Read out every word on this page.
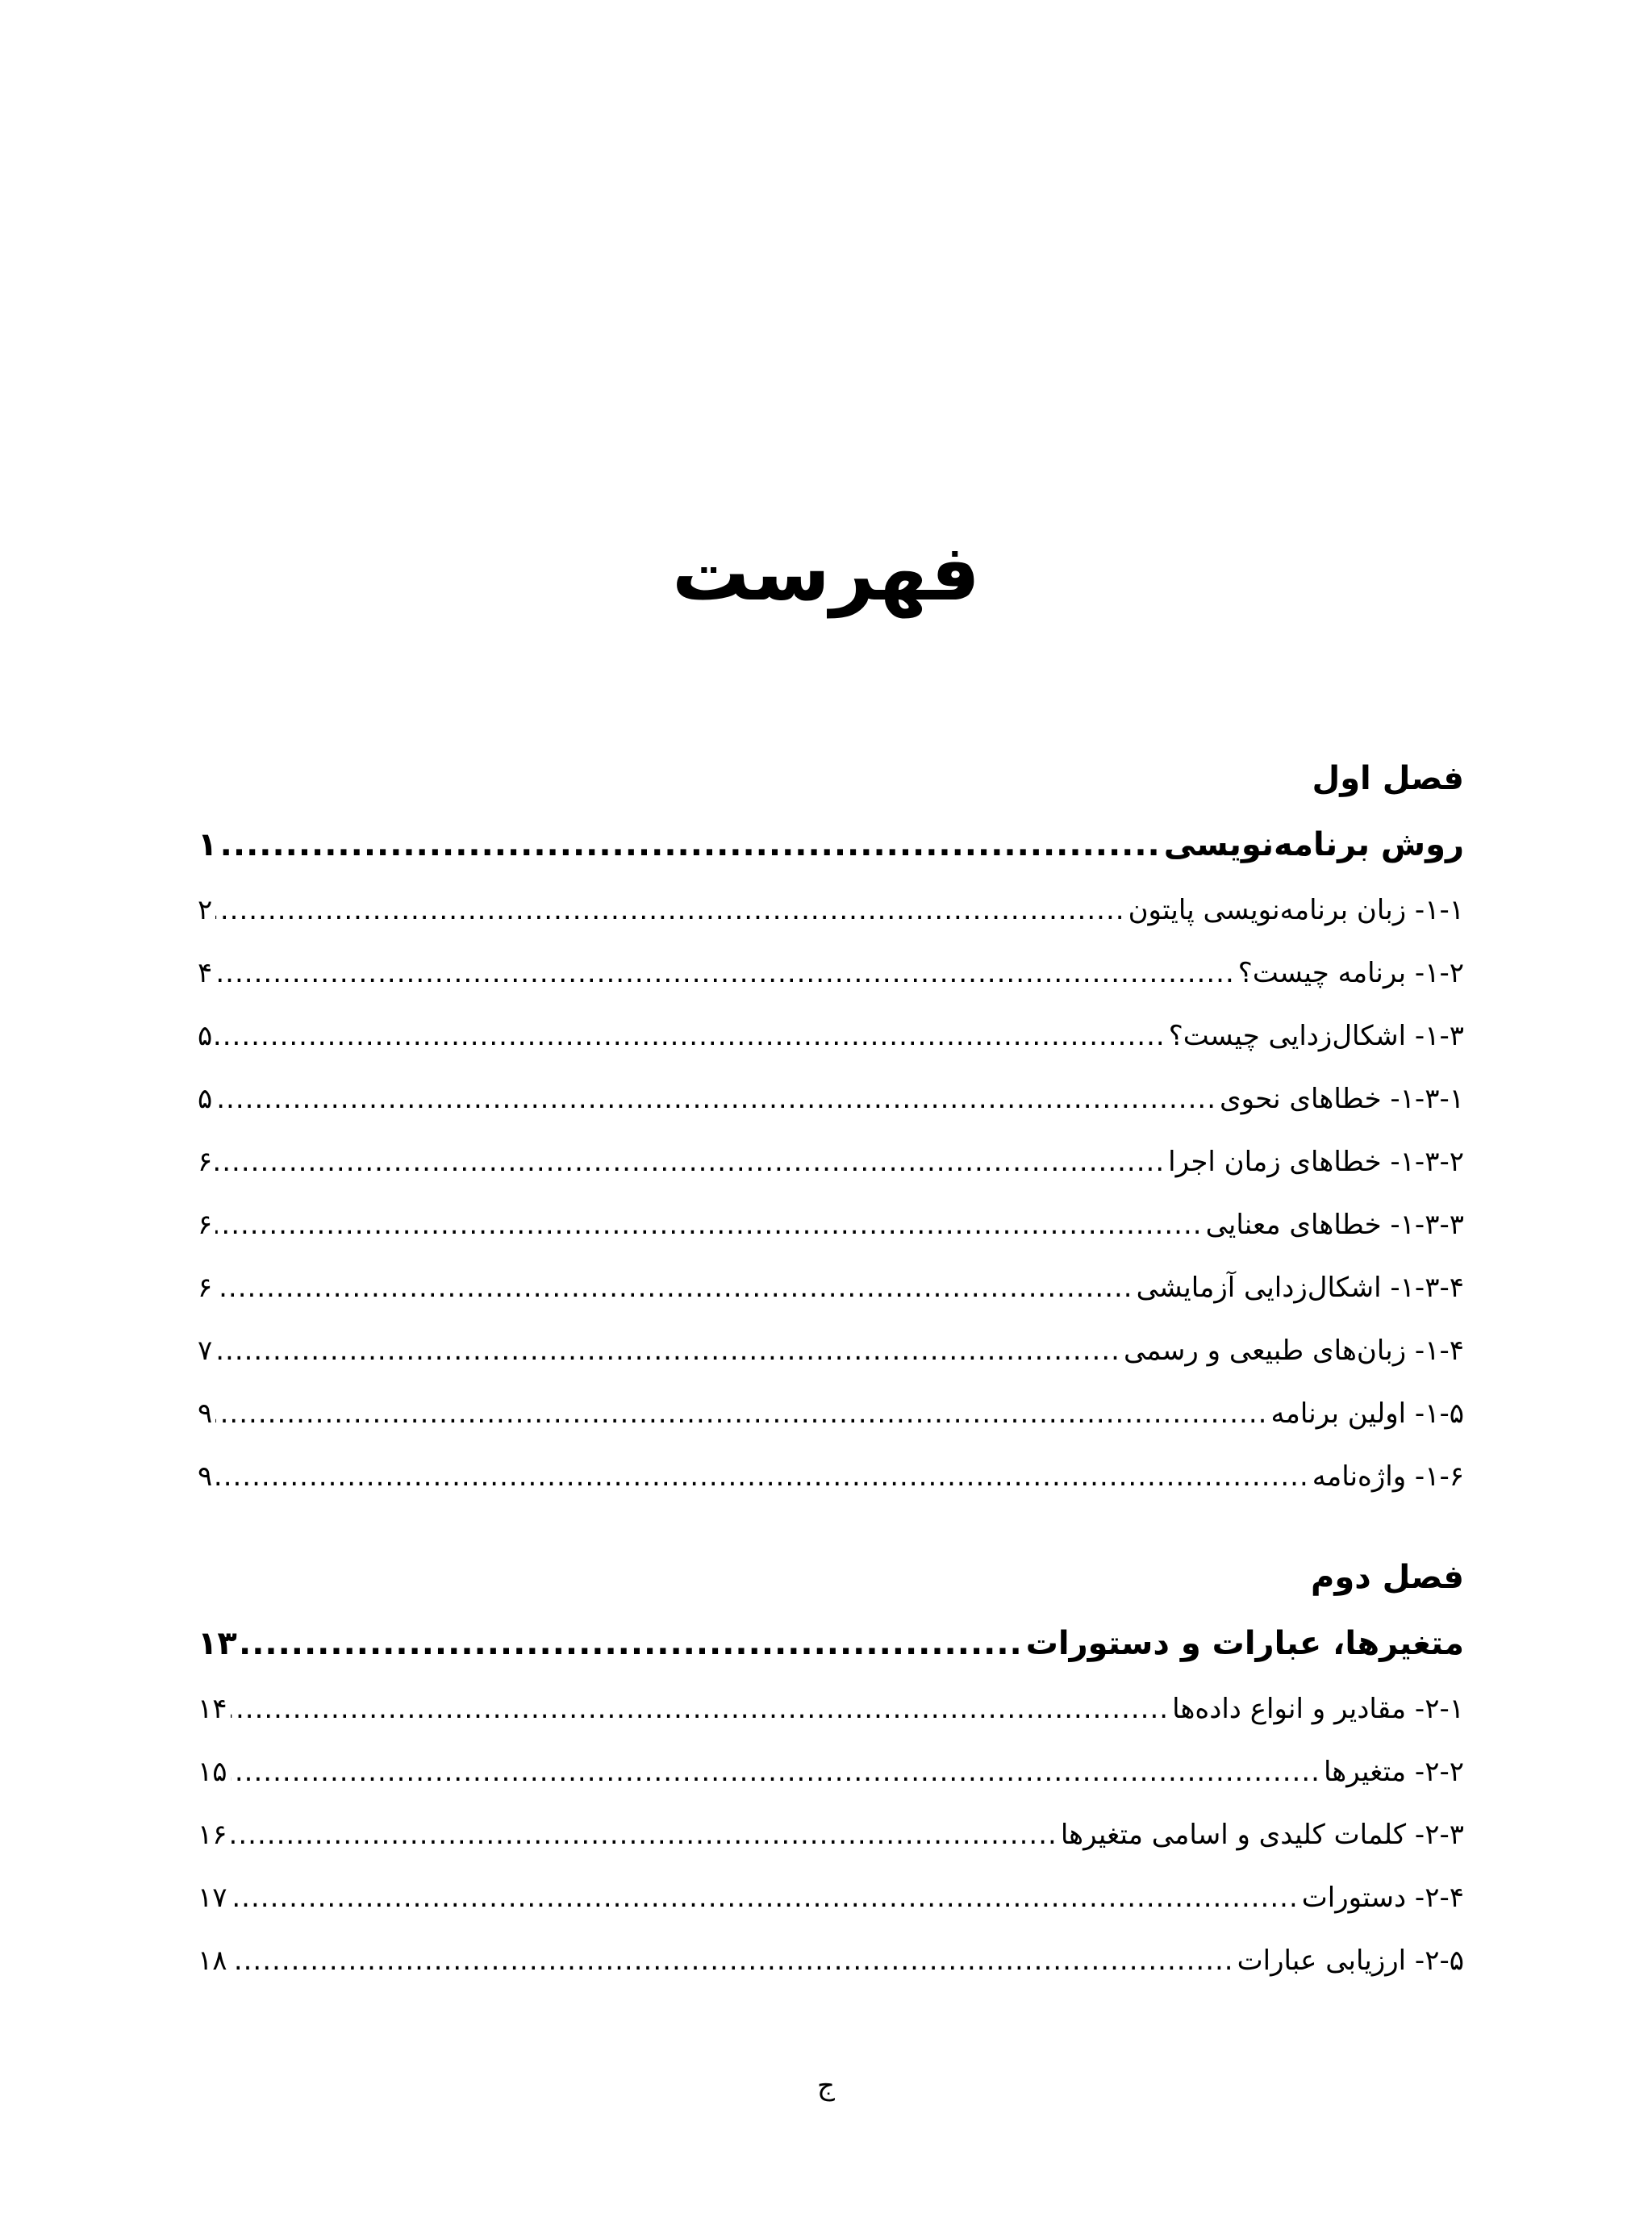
فهرست
فصل اول
روش برنامه‌نویسی
.....
۱
۱-۱- زبان برنامه‌نویسی پایتون
.....
۲
۱-۲- برنامه چیست؟
.....
۴
۱-۳- اشکال‌زدایی چیست؟
.....
۵
۱-۳-۱- خطاهای نحوی
.....
۵
۱-۳-۲- خطاهای زمان اجرا
.....
۶
۱-۳-۳- خطاهای معنایی
.....
۶
۱-۳-۴- اشکال‌زدایی آزمایشی
.....
۶
۱-۴- زبان‌های طبیعی و رسمی
.....
۷
۱-۵- اولین برنامه
.....
۹
۱-۶- واژه‌نامه
.....
۹
فصل دوم
متغیرها، عبارات و دستورات
.....
۱۳
۲-۱- مقادیر و انواع داده‌ها
.....
۱۴
۲-۲- متغیرها
.....
۱۵
۲-۳- کلمات کلیدی و اسامی متغیرها
.....
۱۶
۲-۴- دستورات
.....
۱۷
۲-۵- ارزیابی عبارات
.....
۱۸
ج
